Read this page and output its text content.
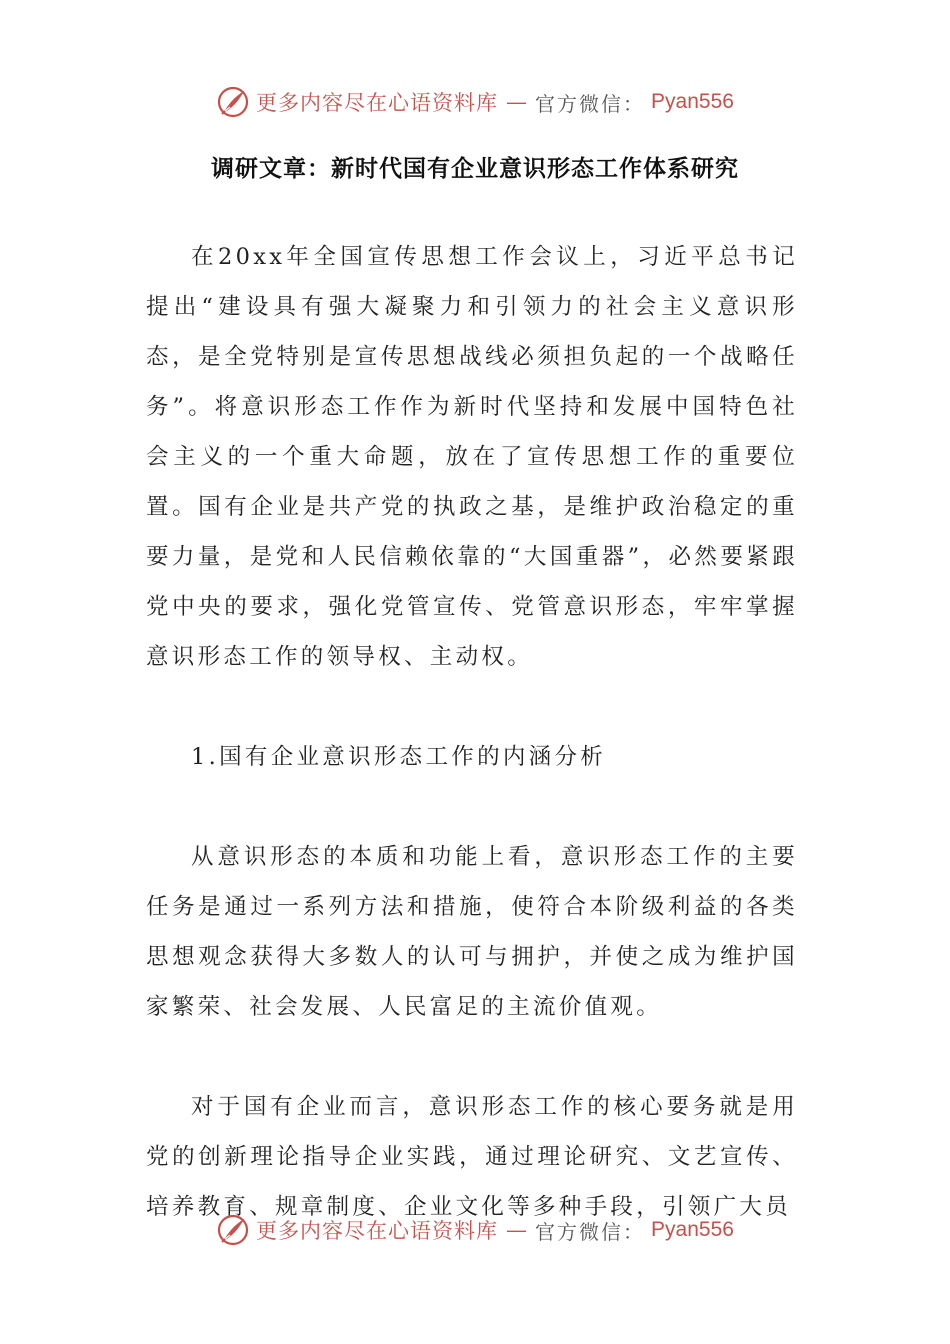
更多内容尽在心语资料库 — 官方微信： Pyan556
调研文章：新时代国有企业意识形态工作体系研究

在20xx年全国宣传思想工作会议上，习近平总书记提出“建设具有强大凝聚力和引领力的社会主义意识形态，是全党特别是宣传思想战线必须担负起的一个战略任务”。将意识形态工作作为新时代坚持和发展中国特色社会主义的一个重大命题，放在了宣传思想工作的重要位置。国有企业是共产党的执政之基，是维护政治稳定的重要力量，是党和人民信赖依靠的“大国重器”，必然要紧跟党中央的要求，强化党管宣传、党管意识形态，牢牢掌握意识形态工作的领导权、主动权。

1.国有企业意识形态工作的内涵分析

从意识形态的本质和功能上看，意识形态工作的主要任务是通过一系列方法和措施，使符合本阶级利益的各类思想观念获得大多数人的认可与拥护，并使之成为维护国家繁荣、社会发展、人民富足的主流价值观。

对于国有企业而言，意识形态工作的核心要务就是用党的创新理论指导企业实践，通过理论研究、文艺宣传、培养教育、规章制度、企业文化等多种手段，引领广大员

更多内容尽在心语资料库 — 官方微信： Pyan556
